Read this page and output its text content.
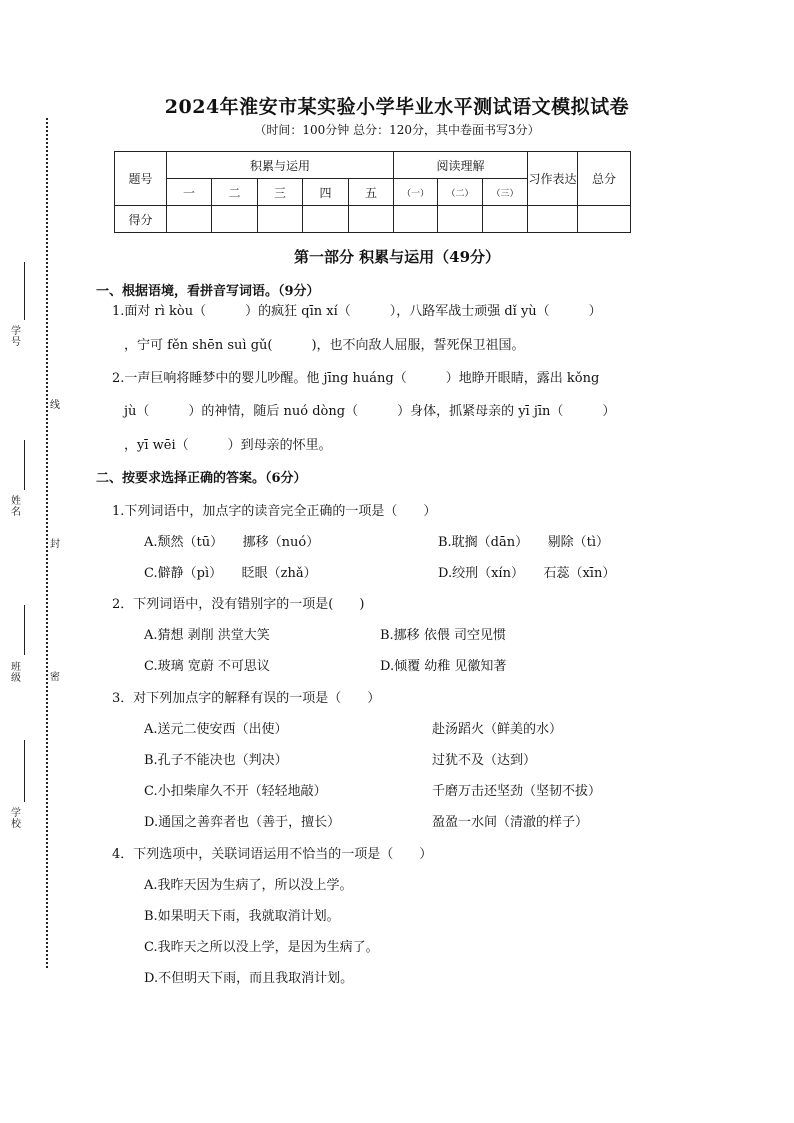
学号
姓名
班级
学校
线
封
密
2024年淮安市某实验小学毕业水平测试语文模拟试卷
（时间：100分钟 总分：120分，其中卷面书写3分）
题号	积累与运用					阅读理解			习作表达	总分
	一	二	三	四	五	（一）	（二）	（三）		
得分										
第一部分 积累与运用（49分）
一、根据语境，看拼音写词语。（9分）
1.面对 rì kòu（　　　）的疯狂 qīn xí（　　　），八路军战士顽强 dǐ yù（　　　）
，宁可 fěn shēn suì gǔ(　　　)，也不向敌人屈服，誓死保卫祖国。
2.一声巨响将睡梦中的婴儿吵醒。他 jīng huáng（　　　）地睁开眼睛，露出 kǒng
jù（　　　）的神情，随后 nuó dòng（　　　）身体，抓紧母亲的 yī jīn（　　　）
，yī wēi（　　　）到母亲的怀里。
二、按要求选择正确的答案。（6分）
1.下列词语中，加点字的读音完全正确的一项是（　　）
A.颓然（tū）　　挪移（nuó）	B.耽搁（dān）　　剔除（tì）
C.僻静（pì）　　眨眼（zhǎ）	D.绞刑（xín）　　石蕊（xīn）
2．下列词语中，没有错别字的一项是(　　)
A.猜想 剥削 洪堂大笑	B.挪移 依偎 司空见惯
C.玻璃 宽蔚 不可思议	D.倾覆 幼稚 见徽知著
3．对下列加点字的解释有误的一项是（　　）
A.送元二使安西（出使）	赴汤蹈火（鲜美的水）
B.孔子不能决也（判决）	过犹不及（达到）
C.小扣柴扉久不开（轻轻地敲）	千磨万击还坚劲（坚韧不拔）
D.通国之善弈者也（善于，擅长）	盈盈一水间（清澈的样子）
4．下列选项中，关联词语运用不恰当的一项是（　　）
A.我昨天因为生病了，所以没上学。
B.如果明天下雨，我就取消计划。
C.我昨天之所以没上学，是因为生病了。
D.不但明天下雨，而且我取消计划。
